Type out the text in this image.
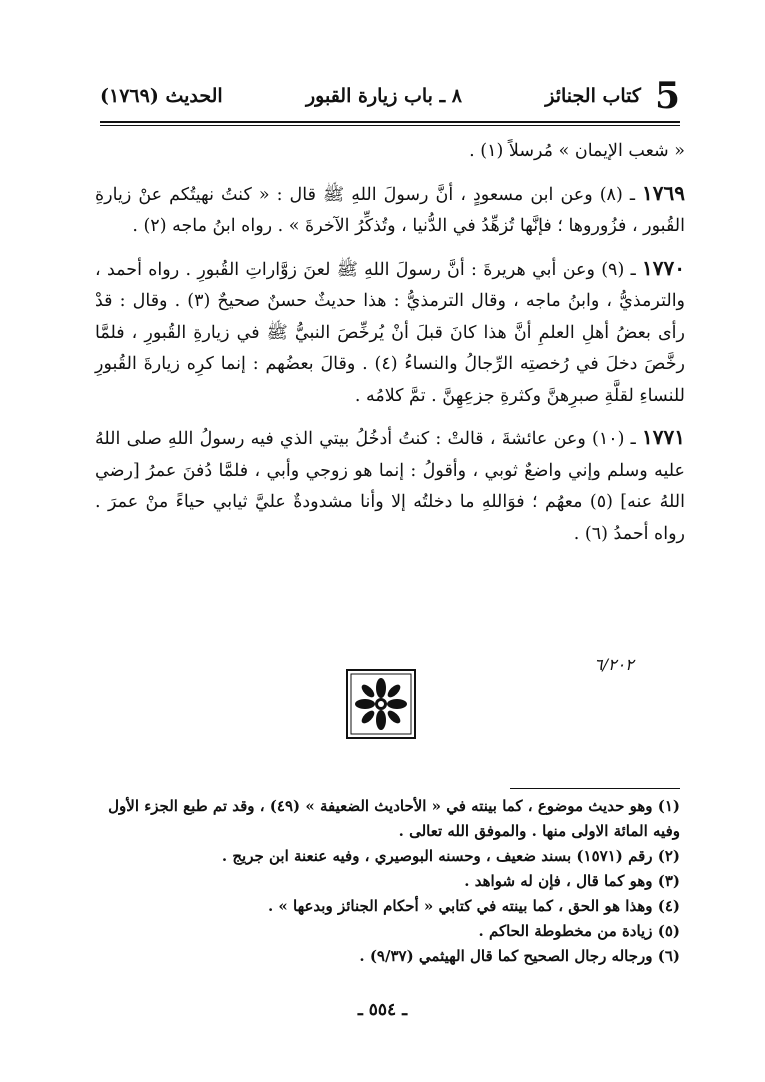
5
كتاب الجنائز
٨ ـ باب زيارة القبور
الحديث (١٧٦٩)

« شعب الإيمان » مُرسلاً (١) .

١٧٦٩ ـ (٨) وعن ابن مسعودٍ ، أنَّ رسولَ اللهِ ﷺ قال : « كنتُ نهيتُكم عنْ زيارةِ القُبور ، فزُوروها ؛ فإنَّها تُزهِّدُ في الدُّنيا ، وتُذكِّرُ الآخرةَ » . رواه ابنُ ماجه (٢) .

١٧٧٠ ـ (٩) وعن أبي هريرةَ : أنَّ رسولَ اللهِ ﷺ لعنَ زوَّاراتِ القُبورِ . رواه أحمد ، والترمذيُّ ، وابنُ ماجه ، وقال الترمذيُّ : هذا حديثٌ حسنٌ صحيحٌ (٣) . وقال : قدْ رأى بعضُ أهلِ العلمِ أنَّ هذا كانَ قبلَ أنْ يُرخِّصَ النبيُّ ﷺ في زيارةِ القُبورِ ، فلمَّا رخَّصَ دخلَ في رُخصتِه الرِّجالُ والنساءُ (٤) . وقالَ بعضُهم : إنما كرِه زيارةَ القُبورِ للنساءِ لقلَّةِ صبرِهنَّ وكثرةِ جزعِهِنَّ . تمَّ كلامُه .

١٧٧١ ـ (١٠) وعن عائشةَ ، قالتْ : كنتُ أدخُلُ بيتي الذي فيه رسولُ اللهِ صلى اللهُ عليه وسلم وإني واضعٌ ثوبي ، وأقولُ : إنما هو زوجي وأبي ، فلمَّا دُفنَ عمرُ [رضي اللهُ عنه] (٥) معهُم ؛ فوَاللهِ ما دخلتُه إلا وأنا مشدودةٌ عليَّ ثيابي حياءً منْ عمرَ . رواه أحمدُ (٦) .

٦/٢٠٢

(١) وهو حديث موضوع ، كما بينته في « الأحاديث الضعيفة » (٤٩) ، وقد تم طبع الجزء الأول وفيه المائة الاولى منها . والموفق الله تعالى .

(٢) رقم (١٥٧١) بسند ضعيف ، وحسنه البوصيري ، وفيه عنعنة ابن جريج .

(٣) وهو كما قال ، فإن له شواهد .

(٤) وهذا هو الحق ، كما بينته في كتابي « أحكام الجنائز وبدعها » .

(٥) زيادة من مخطوطة الحاكم .

(٦) ورجاله رجال الصحيح كما قال الهيثمي (٩/٣٧) .

ـ ٥٥٤ ـ
